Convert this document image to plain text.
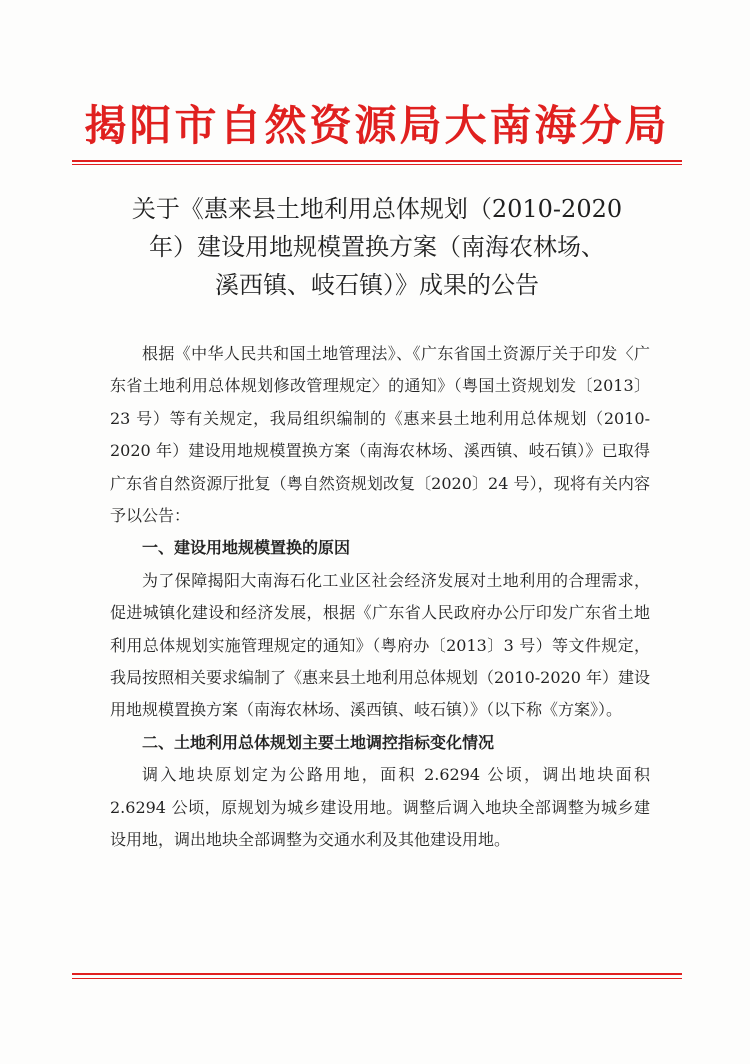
揭阳市自然资源局大南海分局
关于《惠来县土地利用总体规划（2010-2020
年）建设用地规模置换方案（南海农林场、
溪西镇、岐石镇）》成果的公告

根据《中华人民共和国土地管理法》、《广东省国土资源厅关于印发〈广东省土地利用总体规划修改管理规定〉的通知》（粤国土资规划发〔2013〕23 号）等有关规定，我局组织编制的《惠来县土地利用总体规划（2010-2020 年）建设用地规模置换方案（南海农林场、溪西镇、岐石镇）》已取得广东省自然资源厅批复（粤自然资规划改复〔2020〕24 号），现将有关内容予以公告：

一、建设用地规模置换的原因

为了保障揭阳大南海石化工业区社会经济发展对土地利用的合理需求，促进城镇化建设和经济发展，根据《广东省人民政府办公厅印发广东省土地利用总体规划实施管理规定的通知》（粤府办〔2013〕3 号）等文件规定，我局按照相关要求编制了《惠来县土地利用总体规划（2010-2020 年）建设用地规模置换方案（南海农林场、溪西镇、岐石镇）》（以下称《方案》）。

二、土地利用总体规划主要土地调控指标变化情况

调入地块原划定为公路用地，面积 2.6294 公顷，调出地块面积 2.6294 公顷，原规划为城乡建设用地。调整后调入地块全部调整为城乡建设用地，调出地块全部调整为交通水利及其他建设用地。
